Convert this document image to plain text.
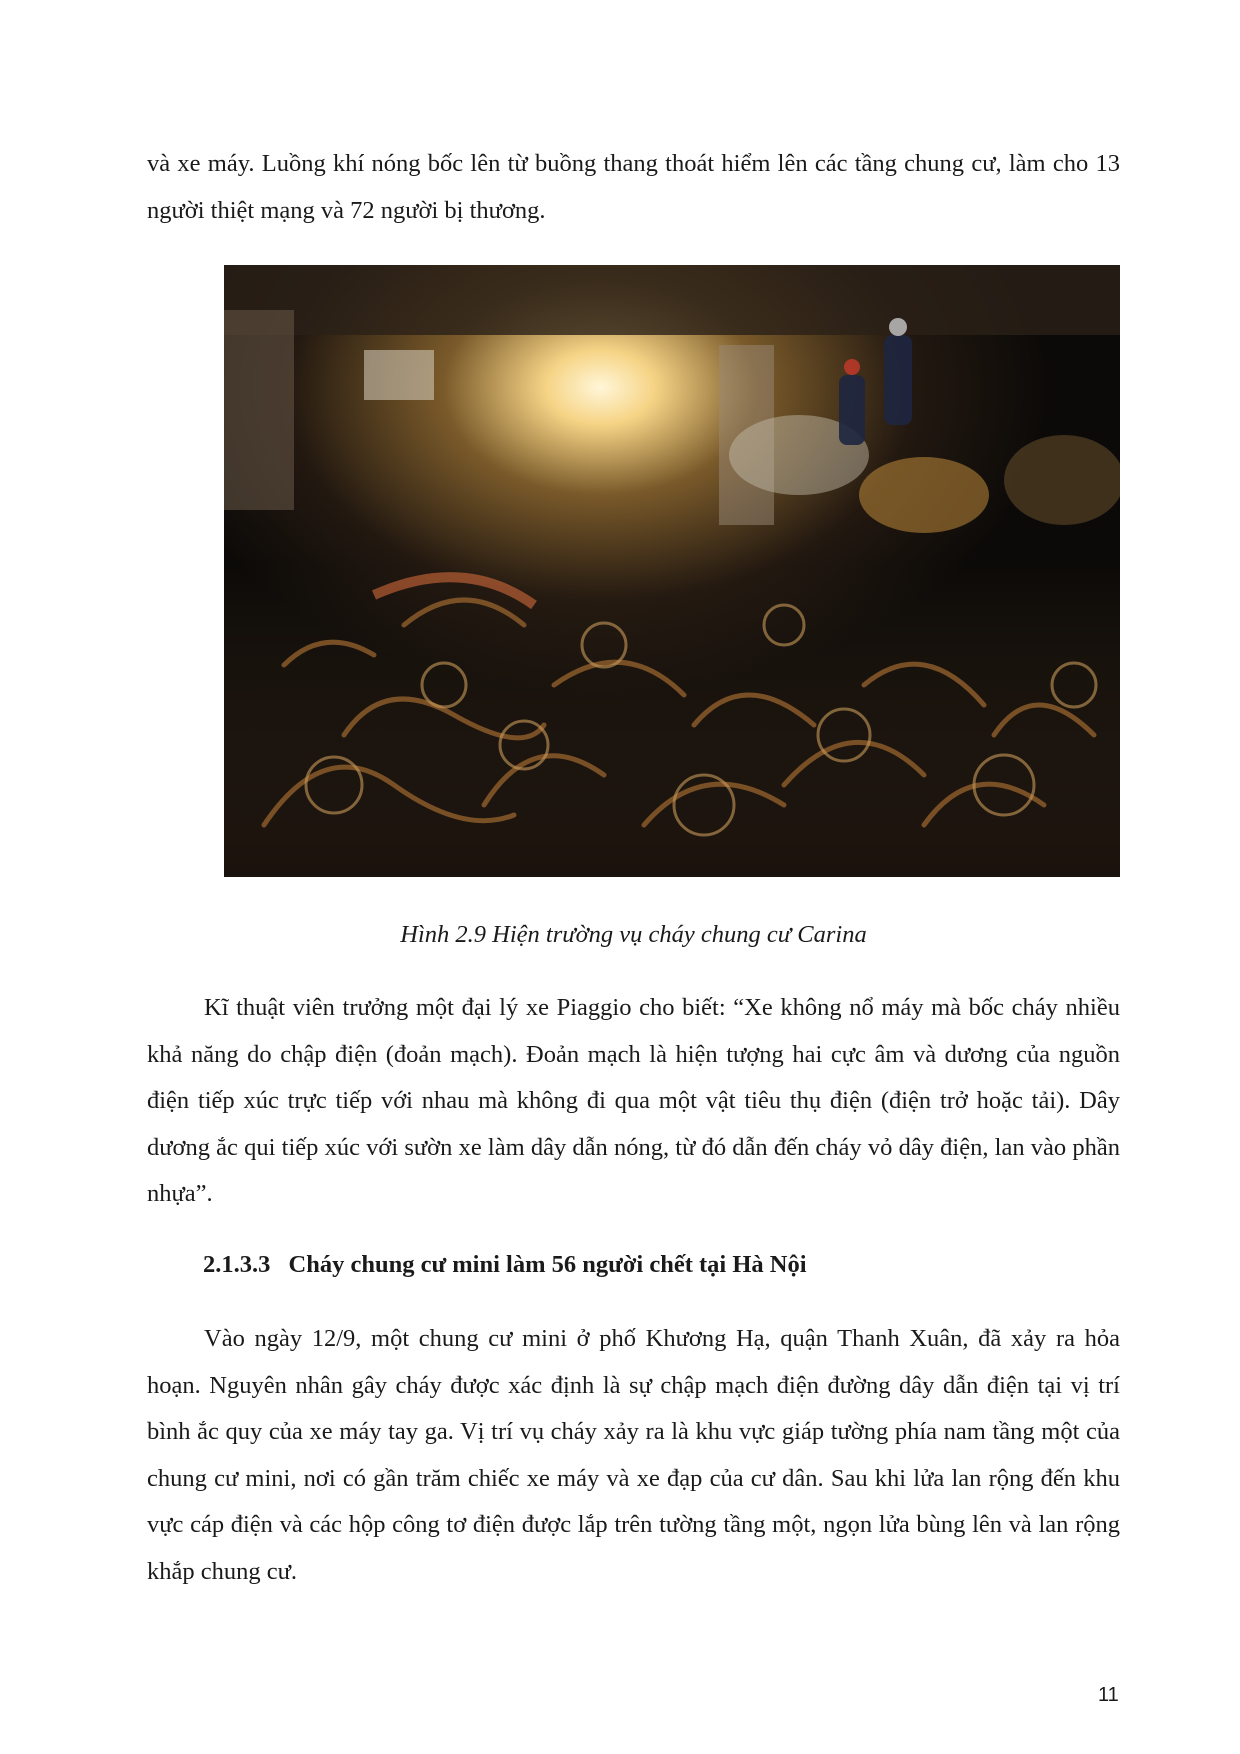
và xe máy. Luồng khí nóng bốc lên từ buồng thang thoát hiểm lên các tầng chung cư, làm cho 13 người thiệt mạng và 72 người bị thương.

Hình 2.9 Hiện trường vụ cháy chung cư Carina

Kĩ thuật viên trưởng một đại lý xe Piaggio cho biết: “Xe không nổ máy mà bốc cháy nhiều khả năng do chập điện (đoản mạch). Đoản mạch là hiện tượng hai cực âm và dương của nguồn điện tiếp xúc trực tiếp với nhau mà không đi qua một vật tiêu thụ điện (điện trở hoặc tải). Dây dương ắc qui tiếp xúc với sườn xe làm dây dẫn nóng, từ đó dẫn đến cháy vỏ dây điện, lan vào phần nhựa”.

2.1.3.3 Cháy chung cư mini làm 56 người chết tại Hà Nội

Vào ngày 12/9, một chung cư mini ở phố Khương Hạ, quận Thanh Xuân, đã xảy ra hỏa hoạn. Nguyên nhân gây cháy được xác định là sự chập mạch điện đường dây dẫn điện tại vị trí bình ắc quy của xe máy tay ga. Vị trí vụ cháy xảy ra là khu vực giáp tường phía nam tầng một của chung cư mini, nơi có gần trăm chiếc xe máy và xe đạp của cư dân. Sau khi lửa lan rộng đến khu vực cáp điện và các hộp công tơ điện được lắp trên tường tầng một, ngọn lửa bùng lên và lan rộng khắp chung cư.

11
